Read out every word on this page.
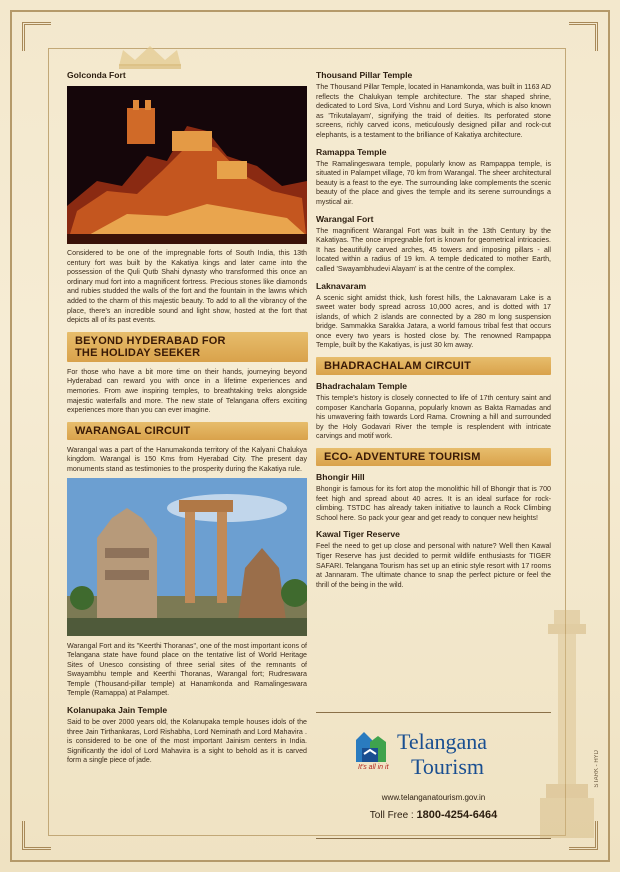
STARK - HYD
Golconda Fort

Considered to be one of the impregnable forts of South India, this 13th century fort was built by the Kakatiya kings and later came into the possession of the Quli Qutb Shahi dynasty who transformed this once an ordinary mud fort into a magnificent fortress. Precious stones like diamonds and rubies studded the walls of the fort and the fountain in the lawns which added to the charm of this majestic beauty. To add to all the vibrancy of the place, there's an incredible sound and light show, hosted at the fort that depicts all of its past events.

BEYOND HYDERABAD FOR
THE HOLIDAY SEEKER

For those who have a bit more time on their hands, journeying beyond Hyderabad can reward you with once in a lifetime experiences and memories. From awe inspiring temples, to breathtaking treks alongside majestic waterfalls and more. The new state of Telangana offers exciting experiences more than you can ever imagine.

WARANGAL CIRCUIT

Warangal was a part of the Hanumakonda territory of the Kalyani Chalukya kingdom. Warangal is 150 Kms from Hyerabad City. The present day monuments stand as testimonies to the prosperity during the Kakatiya rule.

Warangal Fort and its "Keerthi Thoranas", one of the most important icons of Telangana state have found place on the tentative list of World Heritage Sites of Unesco consisting of three serial sites of the remnants of Swayambhu temple and Keerthi Thoranas, Warangal fort; Rudreswara Temple (Thousand-pillar temple) at Hanamkonda and Ramalingeswara Temple (Ramappa) at Palampet.

Kolanupaka Jain Temple

Said to be over 2000 years old, the Kolanupaka temple houses idols of the three Jain Tirthankaras, Lord Rishabha, Lord Neminath and Lord Mahavira . is considered to be one of the most important Jainism centers in India. Significantly the idol of Lord Mahavira is a sight to behold as it is carved form a single piece of jade.

Thousand Pillar Temple

The Thousand Pillar Temple, located in Hanamkonda, was built in 1163 AD reflects the Chalukyan temple architecture. The star shaped shrine, dedicated to Lord Siva, Lord Vishnu and Lord Surya, which is also known as 'Trikutalayam', signifying the traid of deities. Its perforated stone screens, richly carved icons, meticulously designed pillar and rock-cut elephants, is a testament to the brilliance of Kakatiya architecture.

Ramappa Temple

The Ramalingeswara temple, popularly know as Rampappa temple, is situated in Palampet village, 70 km from Warangal. The sheer architectural beauty is a feast to the eye. The surrounding lake complements the scenic beauty of the place and gives the temple and its serene surroundings a mystical air.

Warangal Fort

The magnificent Warangal Fort was built in the 13th Century by the Kakatiyas. The once impregnable fort is known for geometrical intricacies. It has beautifully carved arches, 45 towers and imposing pillars - all located within a radius of 19 km. A temple dedicated to mother Earth, called 'Swayambhudevi Alayam' is at the centre of the complex.

Laknavaram

A scenic sight amidst thick, lush forest hills, the Laknavaram Lake is a sweet water body spread across 10,000 acres, and is dotted with 17 islands, of which 2 islands are connected by a 280 m long suspension bridge. Sammakka Sarakka Jatara, a world famous tribal fest that occurs once every two years is hosted close by. The renowned Rampappa Temple, built by the Kakatiyas, is just 30 km away.

BHADRACHALAM CIRCUIT
Bhadrachalam Temple

This temple's history is closely connected to life of 17th century saint and composer Kancharla Gopanna, popularly known as Bakta Ramadas and his unwavering faith towards Lord Rama. Crowning a hill and surrounded by the Holy Godavari River the temple is resplendent with intricate carvings and motif work.

ECO- ADVENTURE TOURISM
Bhongir Hill

Bhongir is famous for its fort atop the monolithic hill of Bhongir that is 700 feet high and spread about 40 acres. It is an ideal surface for rock-climbing. TSTDC has already taken initiative to launch a Rock Climbing School here. So pack your gear and get ready to conquer new heights!

Kawal Tiger Reserve

Feel the need to get up close and personal with nature? Well then Kawal Tiger Reserve has just decided to permit wildlife enthusiasts for TIGER SAFARI. Telangana Tourism has set up an etinic style resort with 17 rooms at Jannaram. The ultimate chance to snap the perfect picture or feel the thrill of the being in the wild.

Telangana
Tourism
It's all in it
www.telanganatourism.gov.in
Toll Free : 1800-4254-6464
